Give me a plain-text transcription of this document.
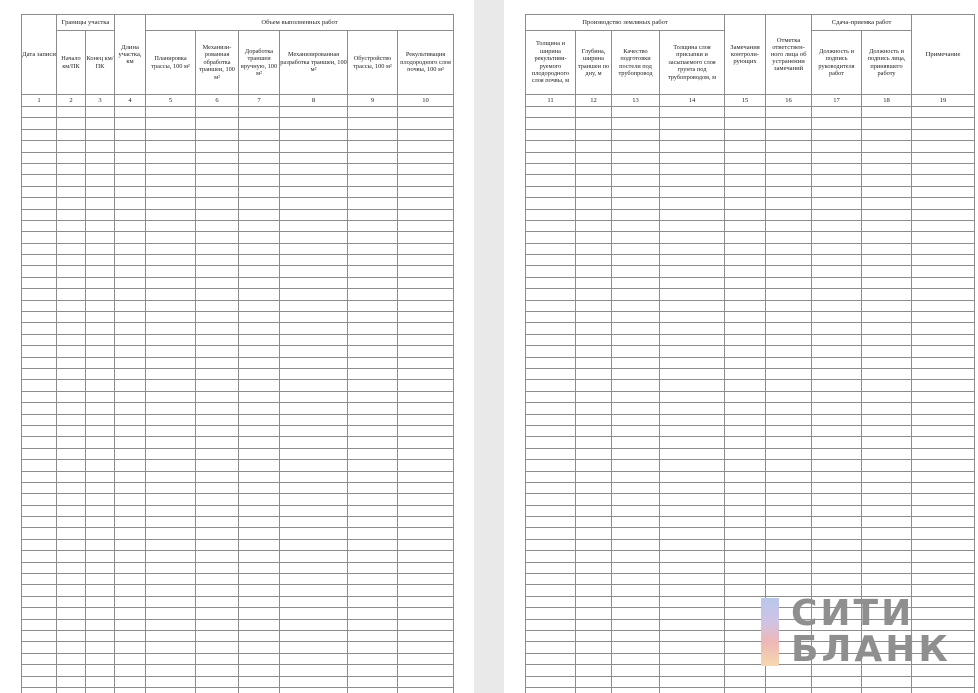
Дата записи	Границы участка		Длина участка, км	Объем выполненных работ					

	Начало км/ПК	Конец км/ПК		Планировка трассы, 100 м²	Механизи-рованная обработка траншеи, 100 м²	Доработка траншеи вручную, 100 м²	Механизированная разработка траншеи, 100 м²	Обустройство трассы, 100 м²	Рекультивация плодородного слоя почвы, 100 м²

1	2	3	4	5	6	7	8	9	10

Производство земляных работ				Замечания контроли-рующих	Отметка ответствен-ного лица об устранении замечаний	Сдача-приемка работ		Примечание

Толщина и ширина рекультиви-руемого плодородного слоя почвы, м	Глубина, ширина траншеи по дну, м	Качество подготовки постели под трубопровод	Толщина слоя присыпки и засыпаемого слоя грунта под трубопроводом, м			Должность и подпись руководителя работ	Должность и подпись лица, принявшего работу	

11	12	13	14	15	16	17	18	19

СИТИ
БЛАНК
